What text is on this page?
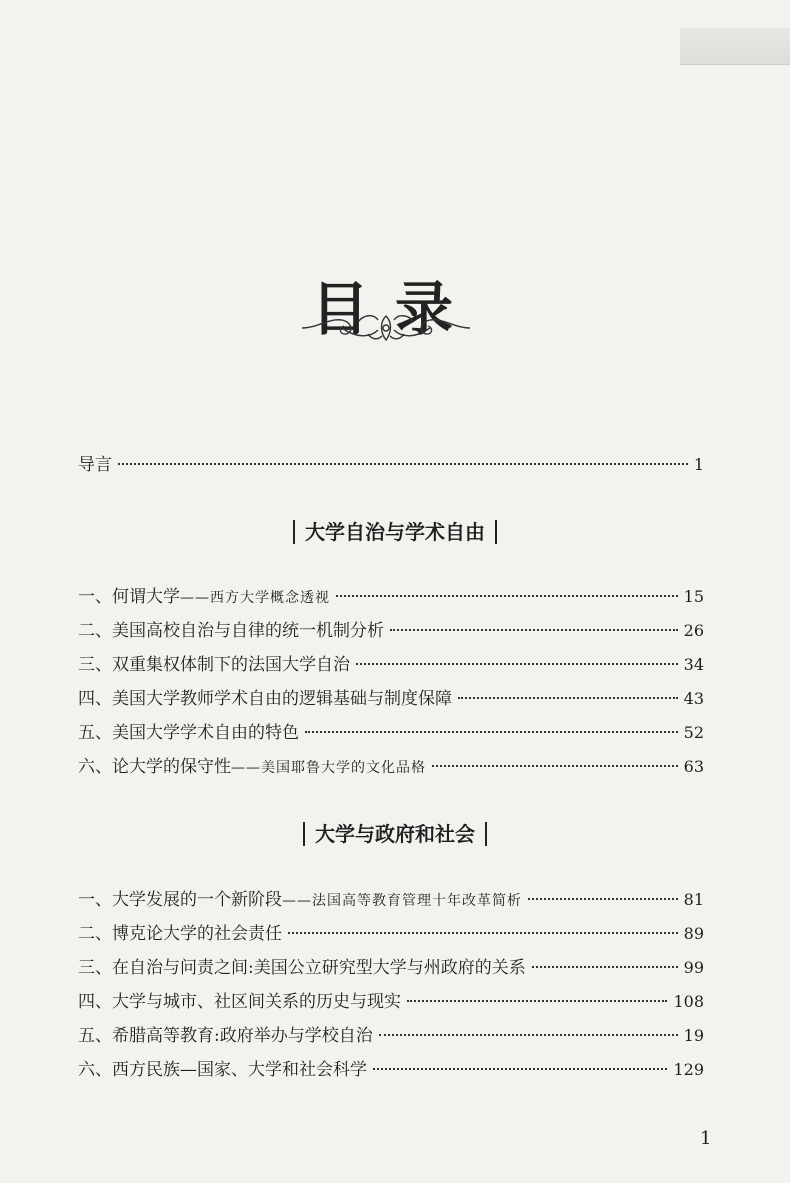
目录
导言	1
大学自治与学术自由
一、何谓大学——西方大学概念透视	15
二、美国高校自治与自律的统一机制分析	26
三、双重集权体制下的法国大学自治	34
四、美国大学教师学术自由的逻辑基础与制度保障	43
五、美国大学学术自由的特色	52
六、论大学的保守性——美国耶鲁大学的文化品格	63
大学与政府和社会
一、大学发展的一个新阶段——法国高等教育管理十年改革简析	81
二、博克论大学的社会责任	89
三、在自治与问责之间:美国公立研究型大学与州政府的关系	99
四、大学与城市、社区间关系的历史与现实	108
五、希腊高等教育:政府举办与学校自治	19
六、西方民族—国家、大学和社会科学	129
1
